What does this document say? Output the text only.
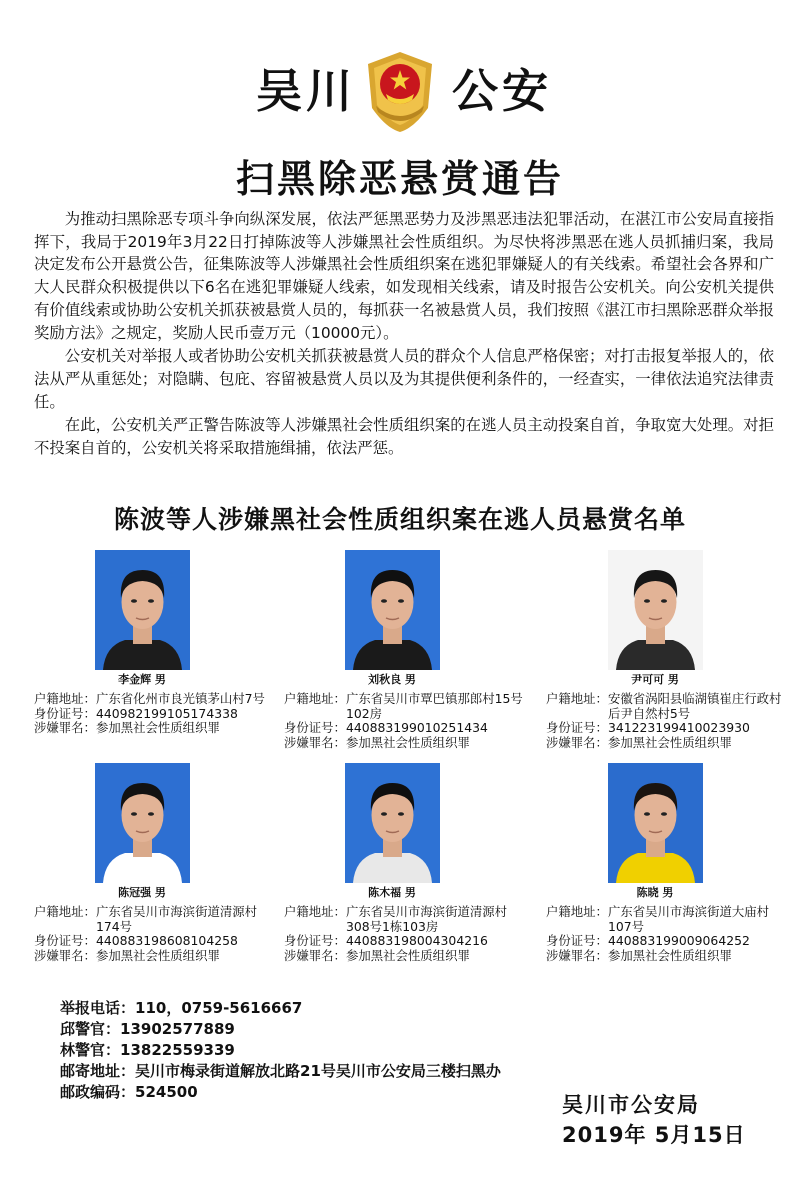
吴川 公安
扫黑除恶悬赏通告

为推动扫黑除恶专项斗争向纵深发展，依法严惩黑恶势力及涉黑恶违法犯罪活动，在湛江市公安局直接指挥下，我局于2019年3月22日打掉陈波等人涉嫌黑社会性质组织。为尽快将涉黑恶在逃人员抓捕归案，我局决定发布公开悬赏公告，征集陈波等人涉嫌黑社会性质组织案在逃犯罪嫌疑人的有关线索。希望社会各界和广大人民群众积极提供以下6名在逃犯罪嫌疑人线索，如发现相关线索，请及时报告公安机关。向公安机关提供有价值线索或协助公安机关抓获被悬赏人员的，每抓获一名被悬赏人员，我们按照《湛江市扫黑除恶群众举报奖励方法》之规定，奖励人民币壹万元（10000元）。

公安机关对举报人或者协助公安机关抓获被悬赏人员的群众个人信息严格保密；对打击报复举报人的，依法从严从重惩处；对隐瞒、包庇、容留被悬赏人员以及为其提供便利条件的，一经查实，一律依法追究法律责任。

在此，公安机关严正警告陈波等人涉嫌黑社会性质组织案的在逃人员主动投案自首，争取宽大处理。对拒不投案自首的，公安机关将采取措施缉捕，依法严惩。

陈波等人涉嫌黑社会性质组织案在逃人员悬赏名单
李金辉 男
户籍地址： 广东省化州市良光镇茅山村7号
身份证号： 440982199105174338
涉嫌罪名： 参加黑社会性质组织罪
刘秋良 男
户籍地址： 广东省吴川市覃巴镇那郎村15号102房
身份证号： 440883199010251434
涉嫌罪名： 参加黑社会性质组织罪
尹可可 男
户籍地址： 安徽省涡阳县临湖镇崔庄行政村后尹自然村5号
身份证号： 341223199410023930
涉嫌罪名： 参加黑社会性质组织罪
陈冠强 男
户籍地址： 广东省吴川市海滨街道清源村174号
身份证号： 440883198608104258
涉嫌罪名： 参加黑社会性质组织罪
陈木福 男
户籍地址： 广东省吴川市海滨街道清源村308号1栋103房
身份证号： 440883198004304216
涉嫌罪名： 参加黑社会性质组织罪
陈晓 男
户籍地址： 广东省吴川市海滨街道大庙村107号
身份证号： 440883199009064252
涉嫌罪名： 参加黑社会性质组织罪
举报电话：110，0759-5616667
邱警官：13902577889
林警官：13822559339
邮寄地址：吴川市梅录街道解放北路21号吴川市公安局三楼扫黑办
邮政编码：524500
吴川市公安局
2019年 5月15日
